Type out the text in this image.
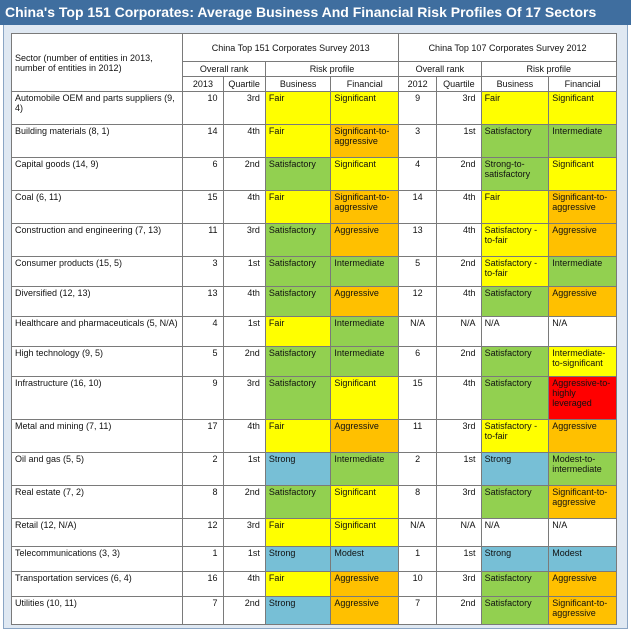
China's Top 151 Corporates: Average Business And Financial Risk Profiles Of 17 Sectors
Sector (number of entities in 2013, number of entities in 2012)	China Top 151 Corporates Survey 2013				China Top 107 Corporates Survey 2012			
	Overall rank		Risk profile		Overall rank		Risk profile	
	2013	Quartile	Business	Financial	2012	Quartile	Business	Financial
Automobile OEM and parts suppliers (9, 4)	10	3rd	Fair	Significant	9	3rd	Fair	Significant
Building materials (8, 1)	14	4th	Fair	Significant-to-aggressive	3	1st	Satisfactory	Intermediate
Capital goods (14, 9)	6	2nd	Satisfactory	Significant	4	2nd	Strong-to-satisfactory	Significant
Coal (6, 11)	15	4th	Fair	Significant-to-aggressive	14	4th	Fair	Significant-to-aggressive
Construction and engineering (7, 13)	11	3rd	Satisfactory	Aggressive	13	4th	Satisfactory -to-fair	Aggressive
Consumer products (15, 5)	3	1st	Satisfactory	Intermediate	5	2nd	Satisfactory -to-fair	Intermediate
Diversified (12, 13)	13	4th	Satisfactory	Aggressive	12	4th	Satisfactory	Aggressive
Healthcare and pharmaceuticals (5, N/A)	4	1st	Fair	Intermediate	N/A	N/A	N/A	N/A
High technology (9, 5)	5	2nd	Satisfactory	Intermediate	6	2nd	Satisfactory	Intermediate-to-significant
Infrastructure (16, 10)	9	3rd	Satisfactory	Significant	15	4th	Satisfactory	Aggressive-to-highly leveraged
Metal and mining (7, 11)	17	4th	Fair	Aggressive	11	3rd	Satisfactory -to-fair	Aggressive
Oil and gas (5, 5)	2	1st	Strong	Intermediate	2	1st	Strong	Modest-to-intermediate
Real estate (7, 2)	8	2nd	Satisfactory	Significant	8	3rd	Satisfactory	Significant-to-aggressive
Retail (12, N/A)	12	3rd	Fair	Significant	N/A	N/A	N/A	N/A
Telecommunications (3, 3)	1	1st	Strong	Modest	1	1st	Strong	Modest
Transportation services (6, 4)	16	4th	Fair	Aggressive	10	3rd	Satisfactory	Aggressive
Utilities (10, 11)	7	2nd	Strong	Aggressive	7	2nd	Satisfactory	Significant-to-aggressive
